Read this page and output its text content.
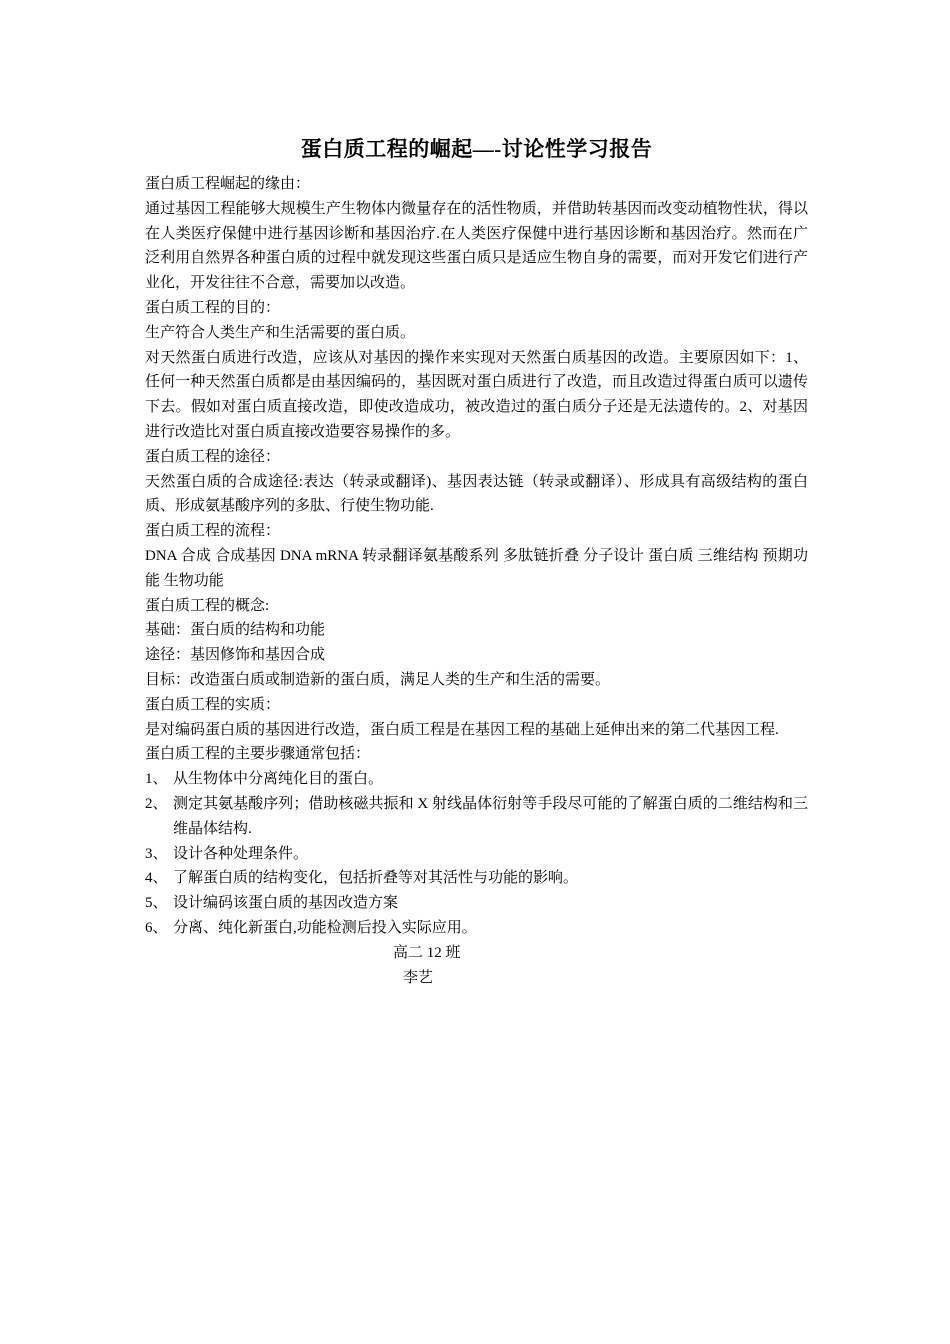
蛋白质工程的崛起—-讨论性学习报告

蛋白质工程崛起的缘由：

通过基因工程能够大规模生产生物体内微量存在的活性物质，并借助转基因而改变动植物性状，得以在人类医疗保健中进行基因诊断和基因治疗.在人类医疗保健中进行基因诊断和基因治疗。然而在广泛利用自然界各种蛋白质的过程中就发现这些蛋白质只是适应生物自身的需要，而对开发它们进行产业化，开发往往不合意，需要加以改造。

蛋白质工程的目的：

生产符合人类生产和生活需要的蛋白质。

对天然蛋白质进行改造，应该从对基因的操作来实现对天然蛋白质基因的改造。主要原因如下：1、任何一种天然蛋白质都是由基因编码的，基因既对蛋白质进行了改造，而且改造过得蛋白质可以遗传下去。假如对蛋白质直接改造，即使改造成功，被改造过的蛋白质分子还是无法遗传的。2、对基因进行改造比对蛋白质直接改造要容易操作的多。

蛋白质工程的途径：

天然蛋白质的合成途径:表达（转录或翻译)、基因表达链（转录或翻译）、形成具有高级结构的蛋白质、形成氨基酸序列的多肽、行使生物功能.

蛋白质工程的流程：

DNA 合成 合成基因 DNA mRNA 转录翻译氨基酸系列 多肽链折叠 分子设计 蛋白质 三维结构 预期功能 生物功能

蛋白质工程的概念:

基础：蛋白质的结构和功能

途径：基因修饰和基因合成

目标：改造蛋白质或制造新的蛋白质，满足人类的生产和生活的需要。

蛋白质工程的实质：

是对编码蛋白质的基因进行改造，蛋白质工程是在基因工程的基础上延伸出来的第二代基因工程.

蛋白质工程的主要步骤通常包括：

1、 从生物体中分离纯化目的蛋白。
2、 测定其氨基酸序列；借助核磁共振和 X 射线晶体衍射等手段尽可能的了解蛋白质的二维结构和三维晶体结构.
3、 设计各种处理条件。
4、 了解蛋白质的结构变化，包括折叠等对其活性与功能的影响。
5、 设计编码该蛋白质的基因改造方案
6、 分离、纯化新蛋白,功能检测后投入实际应用。
高二 12 班
李艺
